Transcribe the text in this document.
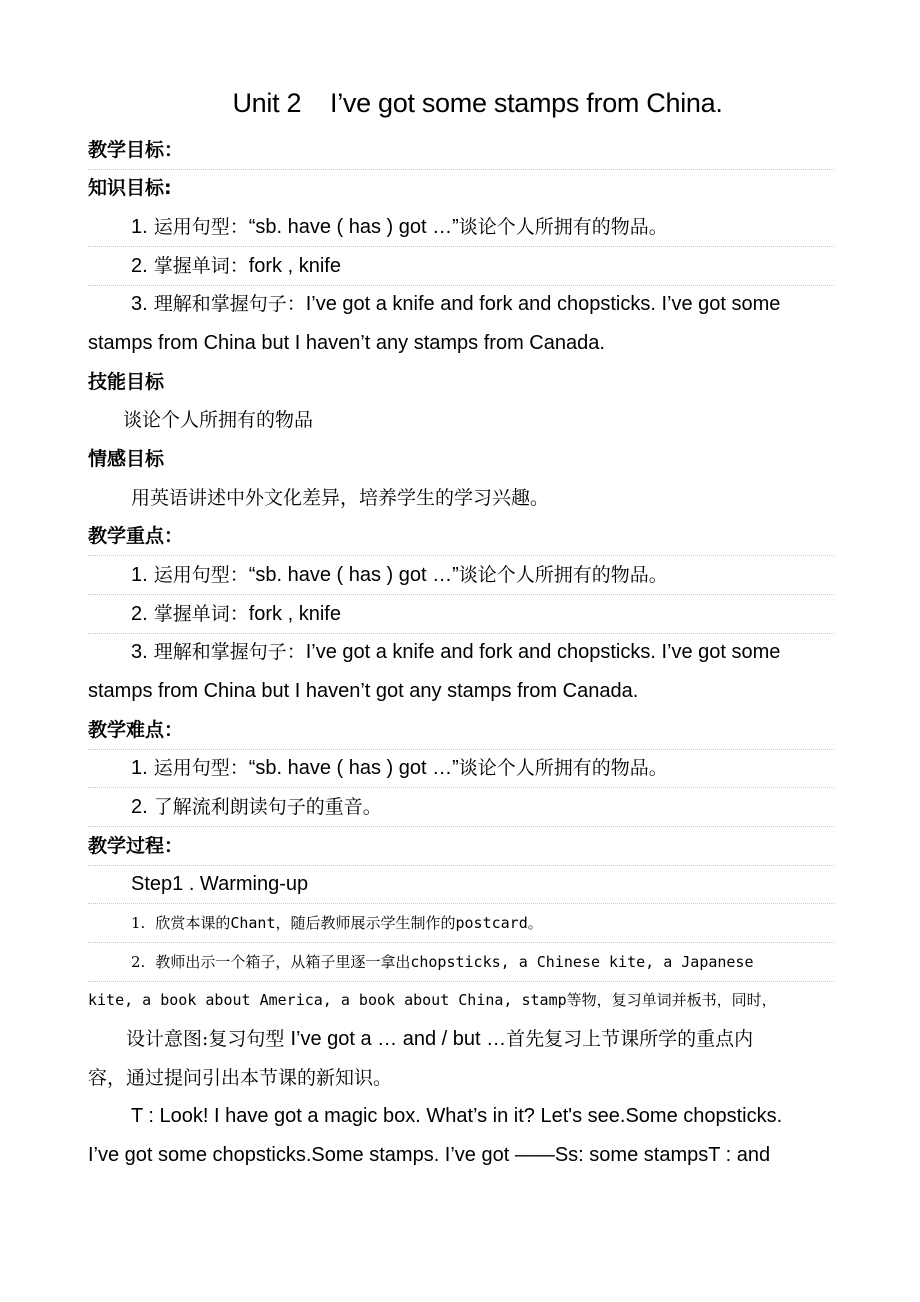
Unit 2    I’ve got some stamps from China.
教学目标：
知识目标:
1. 运用句型：“sb. have ( has ) got …”谈论个人所拥有的物品。
2. 掌握单词：fork , knife
3. 理解和掌握句子：I’ve got a knife and fork and chopsticks. I’ve got some
stamps from China but I haven’t any stamps from Canada.
技能目标
谈论个人所拥有的物品
情感目标
用英语讲述中外文化差异，培养学生的学习兴趣。
教学重点：
1. 运用句型：“sb. have ( has ) got …”谈论个人所拥有的物品。
2. 掌握单词：fork , knife
3. 理解和掌握句子：I’ve got a knife and fork and chopsticks. I’ve got some
stamps from China but I haven’t got any stamps from Canada.
教学难点：
1. 运用句型：“sb. have ( has ) got …”谈论个人所拥有的物品。
2. 了解流利朗读句子的重音。
教学过程：
Step1 . Warming-up
1. 欣赏本课的Chant，随后教师展示学生制作的postcard。
2. 教师出示一个箱子，从箱子里逐一拿出chopsticks, a Chinese kite, a Japanese
kite, a book about America, a book about China, stamp等物，复习单词并板书，同时，
设计意图:复习句型 I’ve got a … and / but …首先复习上节课所学的重点内
容，通过提问引出本节课的新知识。
T : Look! I have got a magic box. What’s in it? Let's see.Some chopsticks.
I’ve got some chopsticks.Some stamps. I’ve got ——Ss: some stampsT : and
